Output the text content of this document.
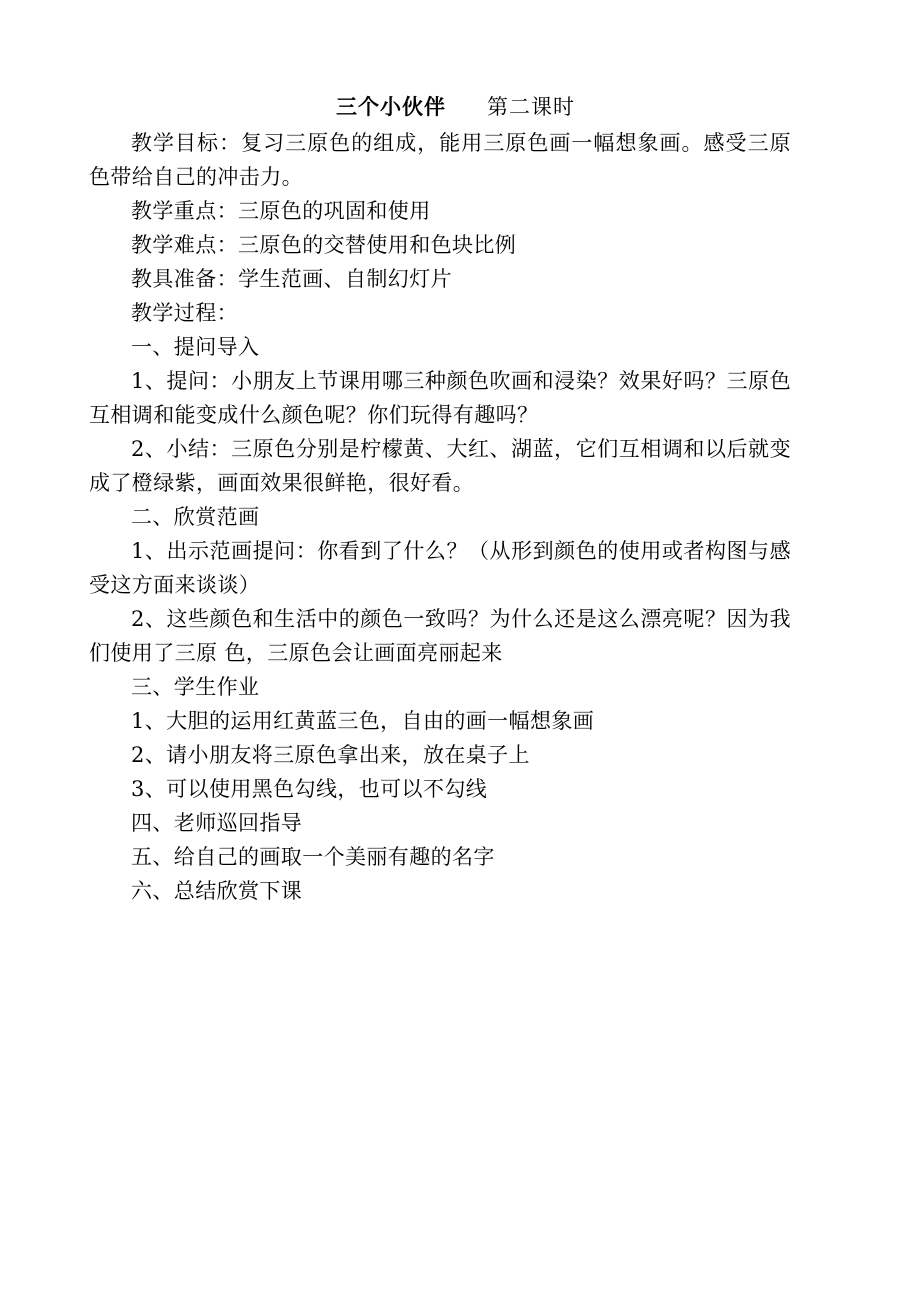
三个小伙伴 第二课时

教学目标：复习三原色的组成，能用三原色画一幅想象画。感受三原色带给自己的冲击力。

教学重点：三原色的巩固和使用

教学难点：三原色的交替使用和色块比例

教具准备：学生范画、自制幻灯片

教学过程：

一、提问导入

1、提问：小朋友上节课用哪三种颜色吹画和浸染？效果好吗？三原色互相调和能变成什么颜色呢？你们玩得有趣吗？

2、小结：三原色分别是柠檬黄、大红、湖蓝，它们互相调和以后就变成了橙绿紫，画面效果很鲜艳，很好看。

二、欣赏范画

1、出示范画提问：你看到了什么？（从形到颜色的使用或者构图与感受这方面来谈谈）

2、这些颜色和生活中的颜色一致吗？为什么还是这么漂亮呢？因为我们使用了三原 色，三原色会让画面亮丽起来

三、学生作业

1、大胆的运用红黄蓝三色，自由的画一幅想象画

2、请小朋友将三原色拿出来，放在桌子上

3、可以使用黑色勾线，也可以不勾线

四、老师巡回指导

五、给自己的画取一个美丽有趣的名字

六、总结欣赏下课
